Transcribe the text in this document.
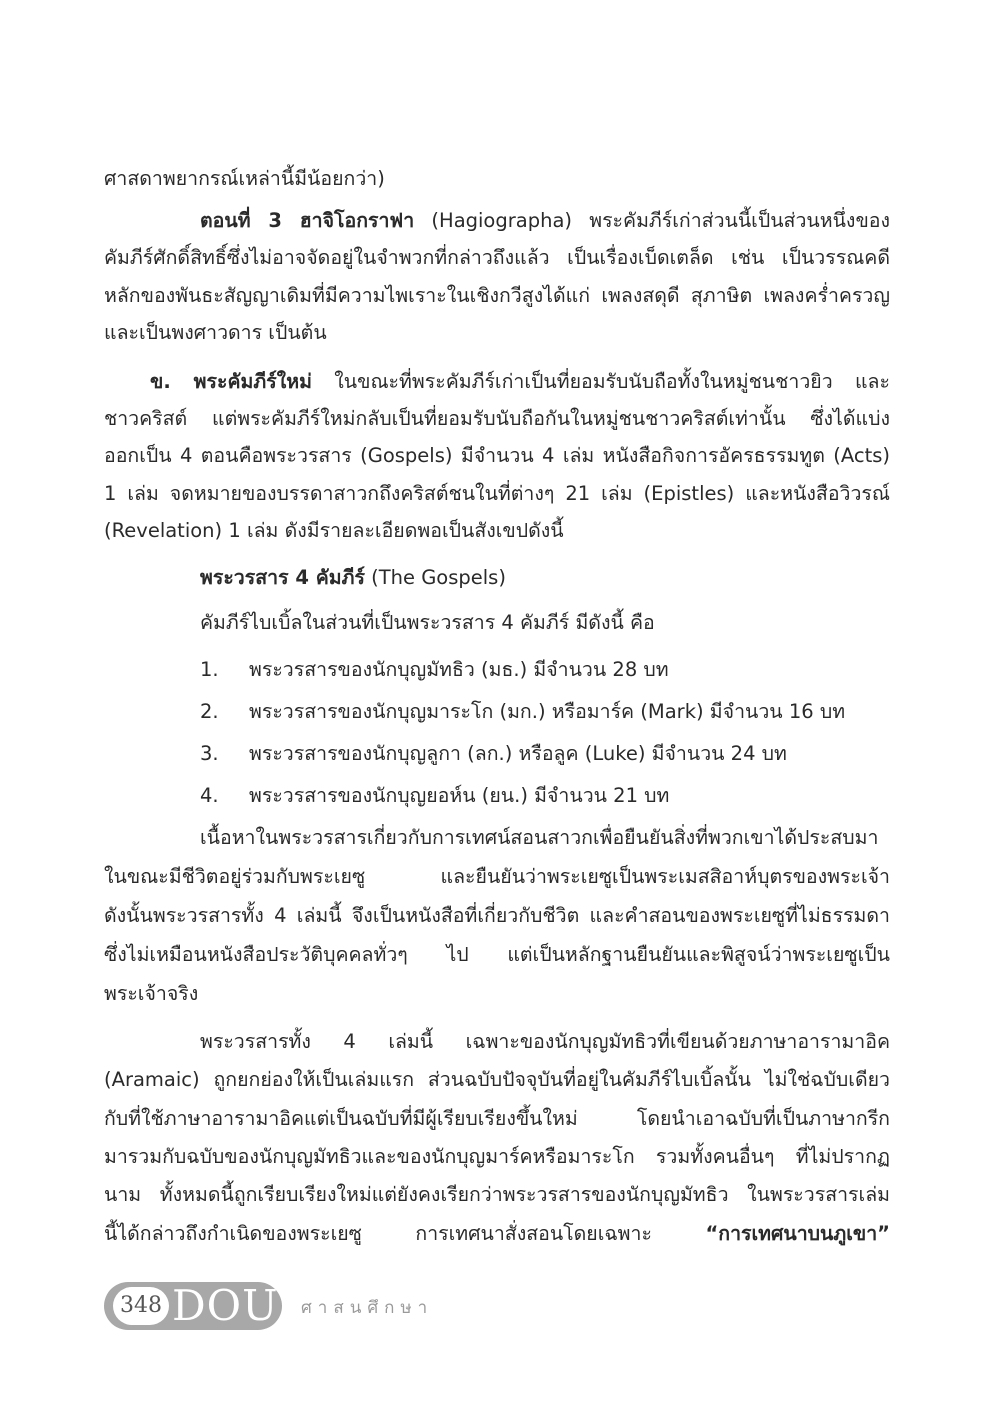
ศาสดาพยากรณ์เหล่านี้มีน้อยกว่า)
ตอนที่ 3 ฮาจิโอกราฟา (Hagiographa) พระคัมภีร์เก่าส่วนนี้เป็นส่วนหนึ่งของ
คัมภีร์ศักดิ์สิทธิ์ซึ่งไม่อาจจัดอยู่ในจำพวกที่กล่าวถึงแล้ว เป็นเรื่องเบ็ดเตล็ด เช่น เป็นวรรณคดี
หลักของพันธะสัญญาเดิมที่มีความไพเราะในเชิงกวีสูงได้แก่ เพลงสดุดี สุภาษิต เพลงคร่ำครวญ
และเป็นพงศาวดาร เป็นต้น
ข. พระคัมภีร์ใหม่ ในขณะที่พระคัมภีร์เก่าเป็นที่ยอมรับนับถือทั้งในหมู่ชนชาวยิว และ
ชาวคริสต์ แต่พระคัมภีร์ใหม่กลับเป็นที่ยอมรับนับถือกันในหมู่ชนชาวคริสต์เท่านั้น ซึ่งได้แบ่ง
ออกเป็น 4 ตอนคือพระวรสาร (Gospels) มีจำนวน 4 เล่ม หนังสือกิจการอัครธรรมทูต (Acts)
1 เล่ม จดหมายของบรรดาสาวกถึงคริสต์ชนในที่ต่างๆ 21 เล่ม (Epistles) และหนังสือวิวรณ์
(Revelation) 1 เล่ม ดังมีรายละเอียดพอเป็นสังเขปดังนี้
พระวรสาร 4 คัมภีร์ (The Gospels)
คัมภีร์ไบเบิ้ลในส่วนที่เป็นพระวรสาร 4 คัมภีร์ มีดังนี้ คือ
1.	พระวรสารของนักบุญมัทธิว (มธ.) มีจำนวน 28 บท
2.	พระวรสารของนักบุญมาระโก (มก.) หรือมาร์ค (Mark) มีจำนวน 16 บท
3.	พระวรสารของนักบุญลูกา (ลก.) หรือลูค (Luke) มีจำนวน 24 บท
4.	พระวรสารของนักบุญยอห์น (ยน.) มีจำนวน 21 บท
เนื้อหาในพระวรสารเกี่ยวกับการเทศน์สอนสาวกเพื่อยืนยันสิ่งที่พวกเขาได้ประสบมา
ในขณะมีชีวิตอยู่ร่วมกับพระเยซู และยืนยันว่าพระเยซูเป็นพระเมสสิอาห์บุตรของพระเจ้า
ดังนั้นพระวรสารทั้ง 4 เล่มนี้ จึงเป็นหนังสือที่เกี่ยวกับชีวิต และคำสอนของพระเยซูที่ไม่ธรรมดา
ซึ่งไม่เหมือนหนังสือประวัติบุคคลทั่วๆ ไป แต่เป็นหลักฐานยืนยันและพิสูจน์ว่าพระเยซูเป็น
พระเจ้าจริง
พระวรสารทั้ง 4 เล่มนี้ เฉพาะของนักบุญมัทธิวที่เขียนด้วยภาษาอารามาอิค
(Aramaic) ถูกยกย่องให้เป็นเล่มแรก ส่วนฉบับปัจจุบันที่อยู่ในคัมภีร์ไบเบิ้ลนั้น ไม่ใช่ฉบับเดียว
กับที่ใช้ภาษาอารามาอิคแต่เป็นฉบับที่มีผู้เรียบเรียงขึ้นใหม่ โดยนำเอาฉบับที่เป็นภาษากรีก
มารวมกับฉบับของนักบุญมัทธิวและของนักบุญมาร์คหรือมาระโก รวมทั้งคนอื่นๆ ที่ไม่ปรากฏ
นาม ทั้งหมดนี้ถูกเรียบเรียงใหม่แต่ยังคงเรียกว่าพระวรสารของนักบุญมัทธิว ในพระวรสารเล่ม
นี้ได้กล่าวถึงกำเนิดของพระเยซู การเทศนาสั่งสอนโดยเฉพาะ “การเทศนาบนภูเขา”
348 DOU ศาสนศึกษา
